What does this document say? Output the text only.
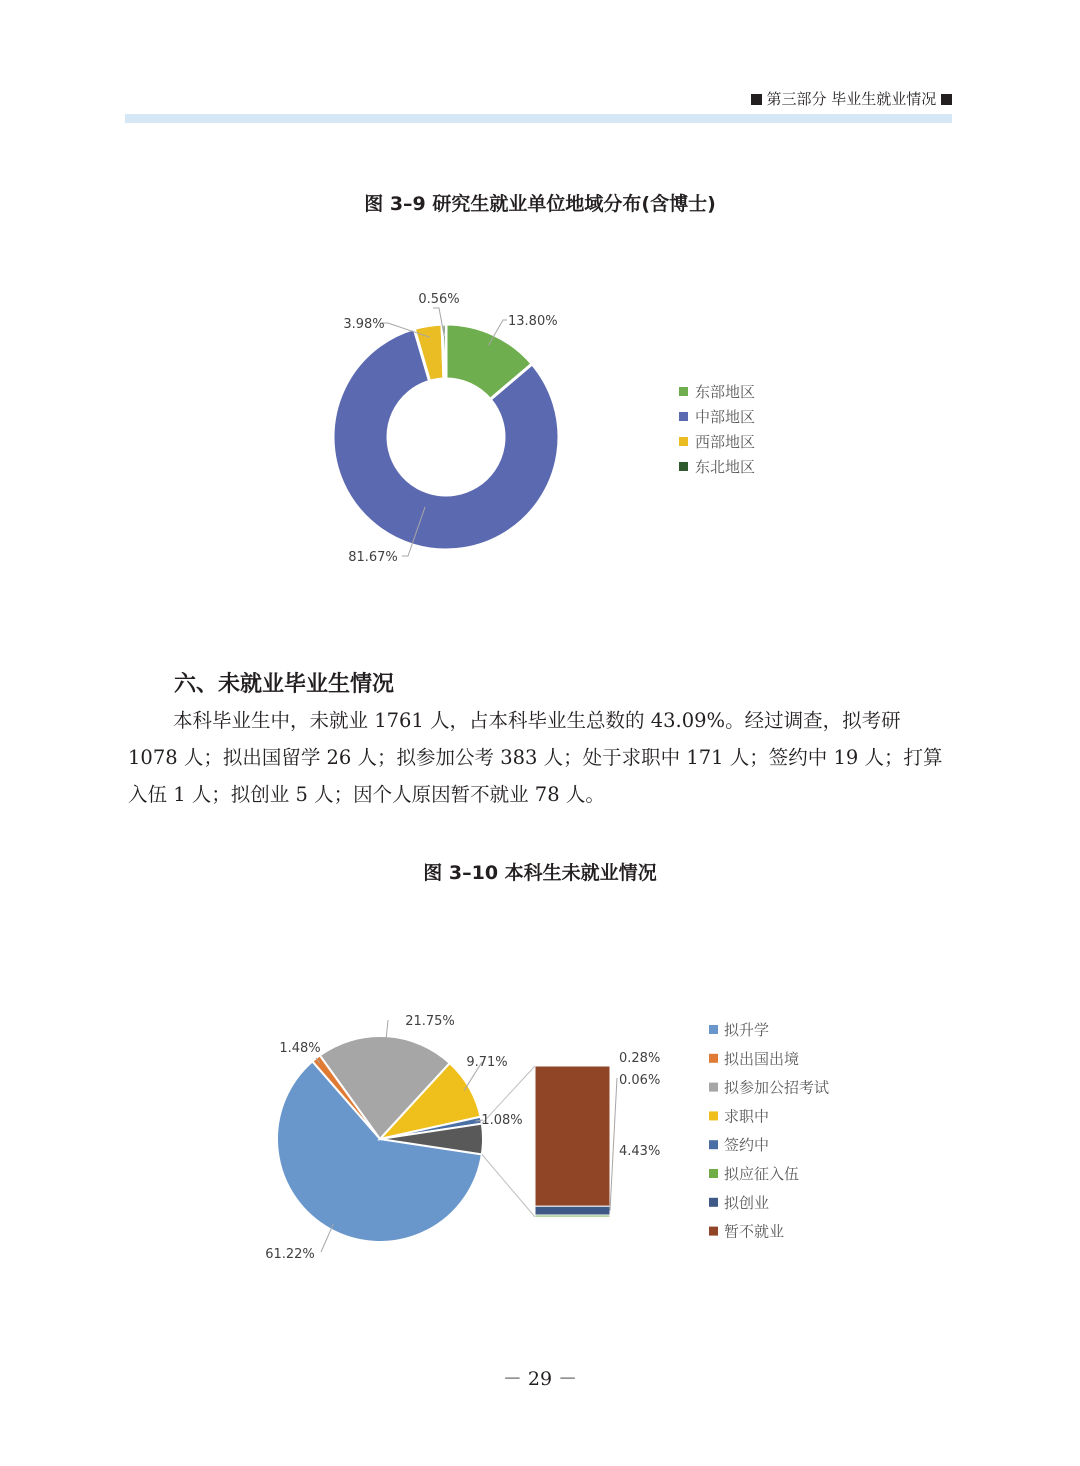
第三部分 毕业生就业情况
图 3–9 研究生就业单位地域分布(含博士)
13.80%
81.67%
3.98%
0.56%
东部地区
中部地区
西部地区
东北地区
六、未就业毕业生情况
本科毕业生中，未就业 1761 人，占本科毕业生总数的 43.09%。经过调查，拟考研 1078 人；拟出国留学 26 人；拟参加公考 383 人；处于求职中 171 人；签约中 19 人；打算入伍 1 人；拟创业 5 人；因个人原因暂不就业 78 人。
图 3–10 本科生未就业情况
61.22%
1.48%
21.75%
9.71%
1.08%
0.28%
0.06%
4.43%
拟升学
拟出国出境
拟参加公招考试
求职中
签约中
拟应征入伍
拟创业
暂不就业
－ 29 －
